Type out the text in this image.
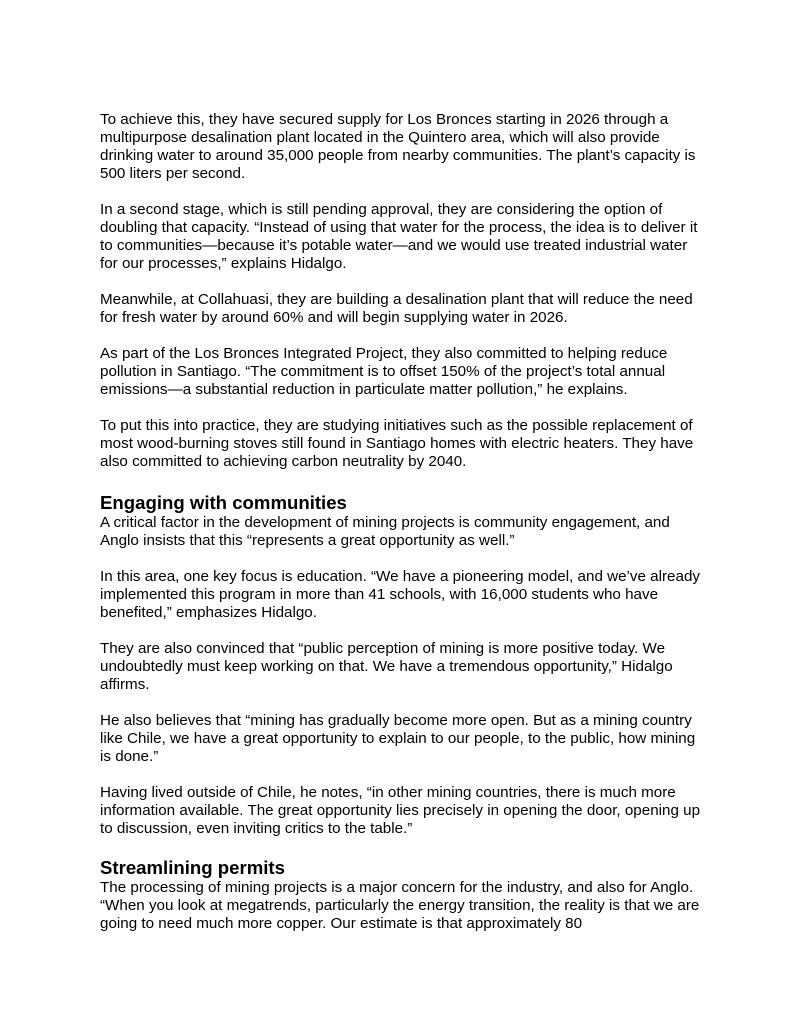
To achieve this, they have secured supply for Los Bronces starting in 2026 through a multipurpose desalination plant located in the Quintero area, which will also provide drinking water to around 35,000 people from nearby communities. The plant’s capacity is 500 liters per second.

In a second stage, which is still pending approval, they are considering the option of doubling that capacity. “Instead of using that water for the process, the idea is to deliver it to communities—because it’s potable water—and we would use treated industrial water for our processes,” explains Hidalgo.

Meanwhile, at Collahuasi, they are building a desalination plant that will reduce the need for fresh water by around 60% and will begin supplying water in 2026.

As part of the Los Bronces Integrated Project, they also committed to helping reduce pollution in Santiago. “The commitment is to offset 150% of the project’s total annual emissions—a substantial reduction in particulate matter pollution,” he explains.

To put this into practice, they are studying initiatives such as the possible replacement of most wood-burning stoves still found in Santiago homes with electric heaters. They have also committed to achieving carbon neutrality by 2040.

Engaging with communities

A critical factor in the development of mining projects is community engagement, and Anglo insists that this “represents a great opportunity as well.”

In this area, one key focus is education. “We have a pioneering model, and we’ve already implemented this program in more than 41 schools, with 16,000 students who have benefited,” emphasizes Hidalgo.

They are also convinced that “public perception of mining is more positive today. We undoubtedly must keep working on that. We have a tremendous opportunity,” Hidalgo affirms.

He also believes that “mining has gradually become more open. But as a mining country like Chile, we have a great opportunity to explain to our people, to the public, how mining is done.”

Having lived outside of Chile, he notes, “in other mining countries, there is much more information available. The great opportunity lies precisely in opening the door, opening up to discussion, even inviting critics to the table.”

Streamlining permits

The processing of mining projects is a major concern for the industry, and also for Anglo. “When you look at megatrends, particularly the energy transition, the reality is that we are going to need much more copper. Our estimate is that approximately 80
